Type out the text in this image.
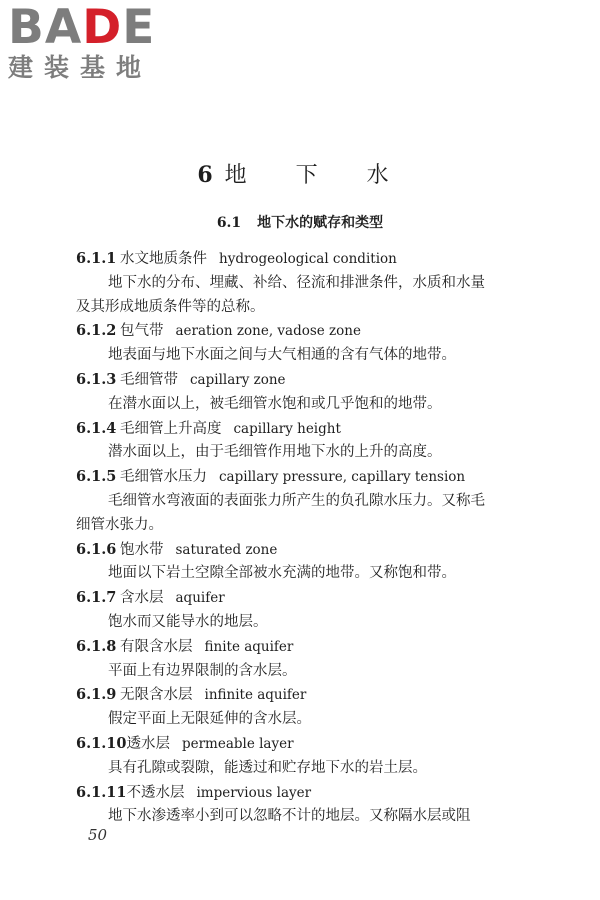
BADE
建装基地
6 地 下 水
6.1 地下水的赋存和类型
6.1.1 水文地质条件 hydrogeological condition
地下水的分布、埋藏、补给、径流和排泄条件，水质和水量
及其形成地质条件等的总称。
6.1.2 包气带 aeration zone, vadose zone
地表面与地下水面之间与大气相通的含有气体的地带。
6.1.3 毛细管带 capillary zone
在潜水面以上，被毛细管水饱和或几乎饱和的地带。
6.1.4 毛细管上升高度 capillary height
潜水面以上，由于毛细管作用地下水的上升的高度。
6.1.5 毛细管水压力 capillary pressure, capillary tension
毛细管水弯液面的表面张力所产生的负孔隙水压力。又称毛
细管水张力。
6.1.6 饱水带 saturated zone
地面以下岩土空隙全部被水充满的地带。又称饱和带。
6.1.7 含水层 aquifer
饱水而又能导水的地层。
6.1.8 有限含水层 finite aquifer
平面上有边界限制的含水层。
6.1.9 无限含水层 infinite aquifer
假定平面上无限延伸的含水层。
6.1.10透水层 permeable layer
具有孔隙或裂隙，能透过和贮存地下水的岩土层。
6.1.11不透水层 impervious layer
地下水渗透率小到可以忽略不计的地层。又称隔水层或阻
50
